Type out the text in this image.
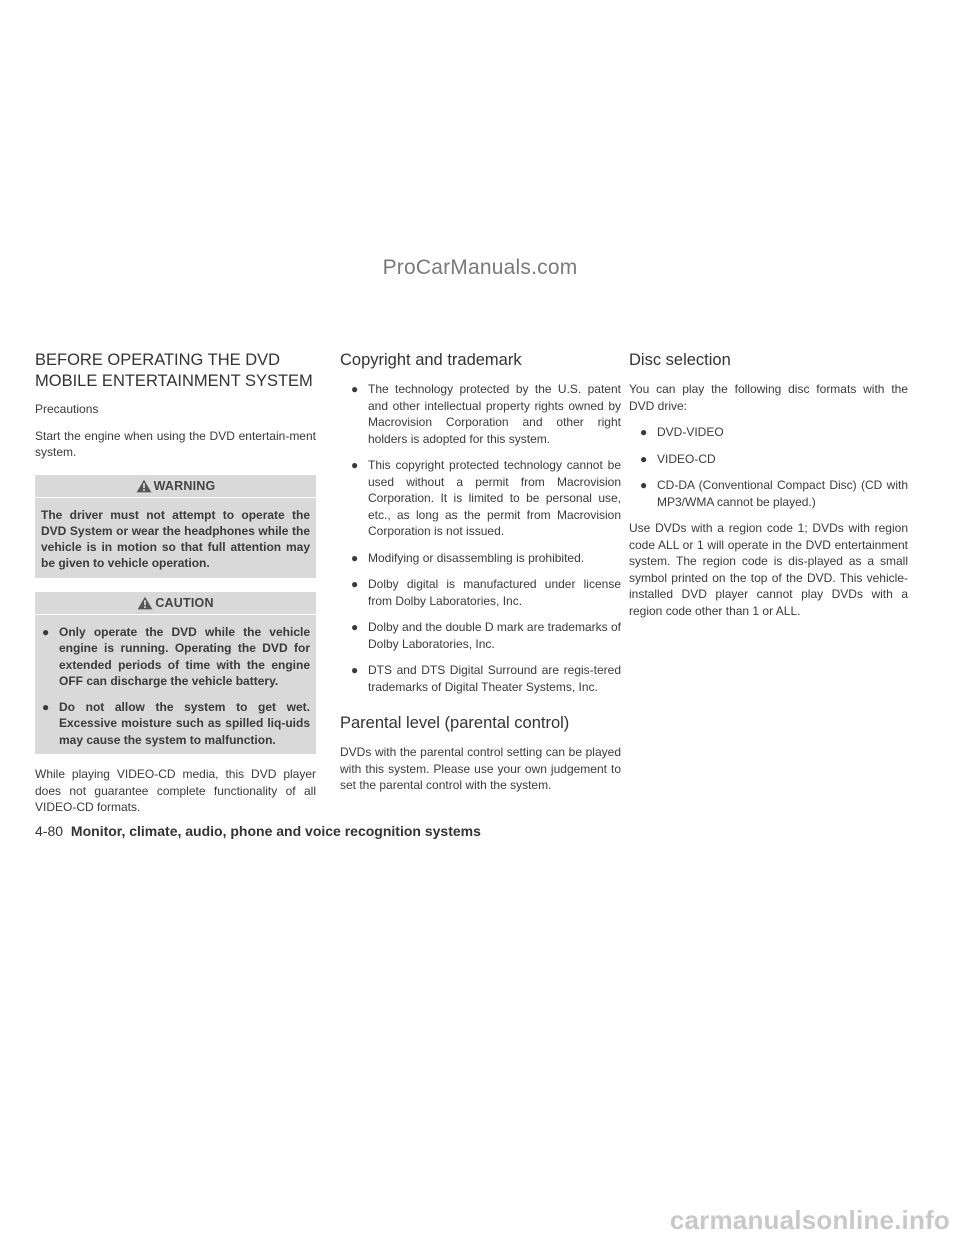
ProCarManuals.com
BEFORE OPERATING THE DVD
MOBILE ENTERTAINMENT SYSTEM

Precautions

Start the engine when using the DVD entertain-ment system.

WARNING

The driver must not attempt to operate the DVD System or wear the headphones while the vehicle is in motion so that full attention may be given to vehicle operation.

CAUTION
● Only operate the DVD while the vehicle engine is running. Operating the DVD for extended periods of time with the engine OFF can discharge the vehicle battery.
● Do not allow the system to get wet. Excessive moisture such as spilled liq-uids may cause the system to malfunction.

While playing VIDEO-CD media, this DVD player does not guarantee complete functionality of all VIDEO-CD formats.

Copyright and trademark
● The technology protected by the U.S. patent and other intellectual property rights owned by Macrovision Corporation and other right holders is adopted for this system.
● This copyright protected technology cannot be used without a permit from Macrovision Corporation. It is limited to be personal use, etc., as long as the permit from Macrovision Corporation is not issued.
● Modifying or disassembling is prohibited.
● Dolby digital is manufactured under license from Dolby Laboratories, Inc.
● Dolby and the double D mark are trademarks of Dolby Laboratories, Inc.
● DTS and DTS Digital Surround are regis-tered trademarks of Digital Theater Systems, Inc.
Parental level (parental control)

DVDs with the parental control setting can be played with this system. Please use your own judgement to set the parental control with the system.

Disc selection

You can play the following disc formats with the DVD drive:

● DVD-VIDEO
● VIDEO-CD
● CD-DA (Conventional Compact Disc) (CD with MP3/WMA cannot be played.)

Use DVDs with a region code 1; DVDs with region code ALL or 1 will operate in the DVD entertainment system. The region code is dis-played as a small symbol printed on the top of the DVD. This vehicle-installed DVD player cannot play DVDs with a region code other than 1 or ALL.

4-80 Monitor, climate, audio, phone and voice recognition systems
carmanualsonline.info
